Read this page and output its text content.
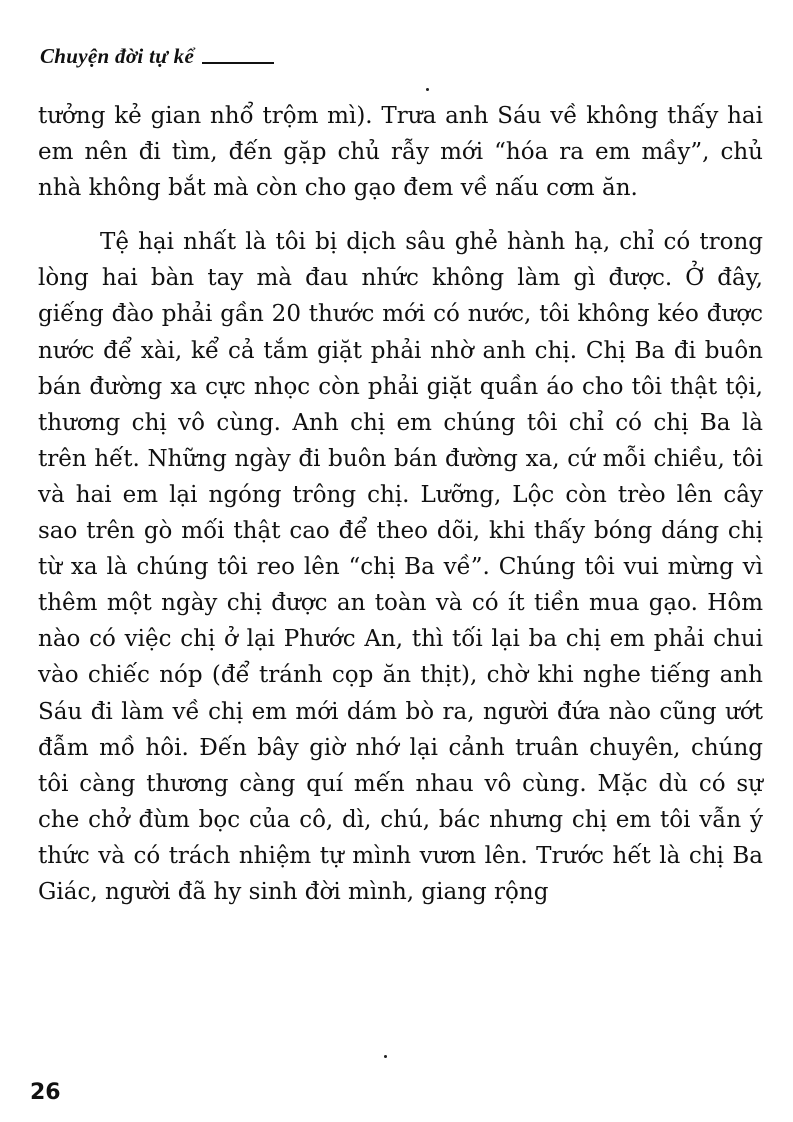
Chuyện đời tự kể

tưởng kẻ gian nhổ trộm mì). Trưa anh Sáu về không thấy hai em nên đi tìm, đến gặp chủ rẫy mới “hóa ra em mầy”, chủ nhà không bắt mà còn cho gạo đem về nấu cơm ăn.

Tệ hại nhất là tôi bị dịch sâu ghẻ hành hạ, chỉ có trong lòng hai bàn tay mà đau nhức không làm gì được. Ở đây, giếng đào phải gần 20 thước mới có nước, tôi không kéo được nước để xài, kể cả tắm giặt phải nhờ anh chị. Chị Ba đi buôn bán đường xa cực nhọc còn phải giặt quần áo cho tôi thật tội, thương chị vô cùng. Anh chị em chúng tôi chỉ có chị Ba là trên hết. Những ngày đi buôn bán đường xa, cứ mỗi chiều, tôi và hai em lại ngóng trông chị. Lưỡng, Lộc còn trèo lên cây sao trên gò mối thật cao để theo dõi, khi thấy bóng dáng chị từ xa là chúng tôi reo lên “chị Ba về”. Chúng tôi vui mừng vì thêm một ngày chị được an toàn và có ít tiền mua gạo. Hôm nào có việc chị ở lại Phước An, thì tối lại ba chị em phải chui vào chiếc nóp (để tránh cọp ăn thịt), chờ khi nghe tiếng anh Sáu đi làm về chị em mới dám bò ra, người đứa nào cũng ướt đẫm mồ hôi. Đến bây giờ nhớ lại cảnh truân chuyên, chúng tôi càng thương càng quí mến nhau vô cùng. Mặc dù có sự che chở đùm bọc của cô, dì, chú, bác nhưng chị em tôi vẫn ý thức và có trách nhiệm tự mình vươn lên. Trước hết là chị Ba Giác, người đã hy sinh đời mình, giang rộng

26
